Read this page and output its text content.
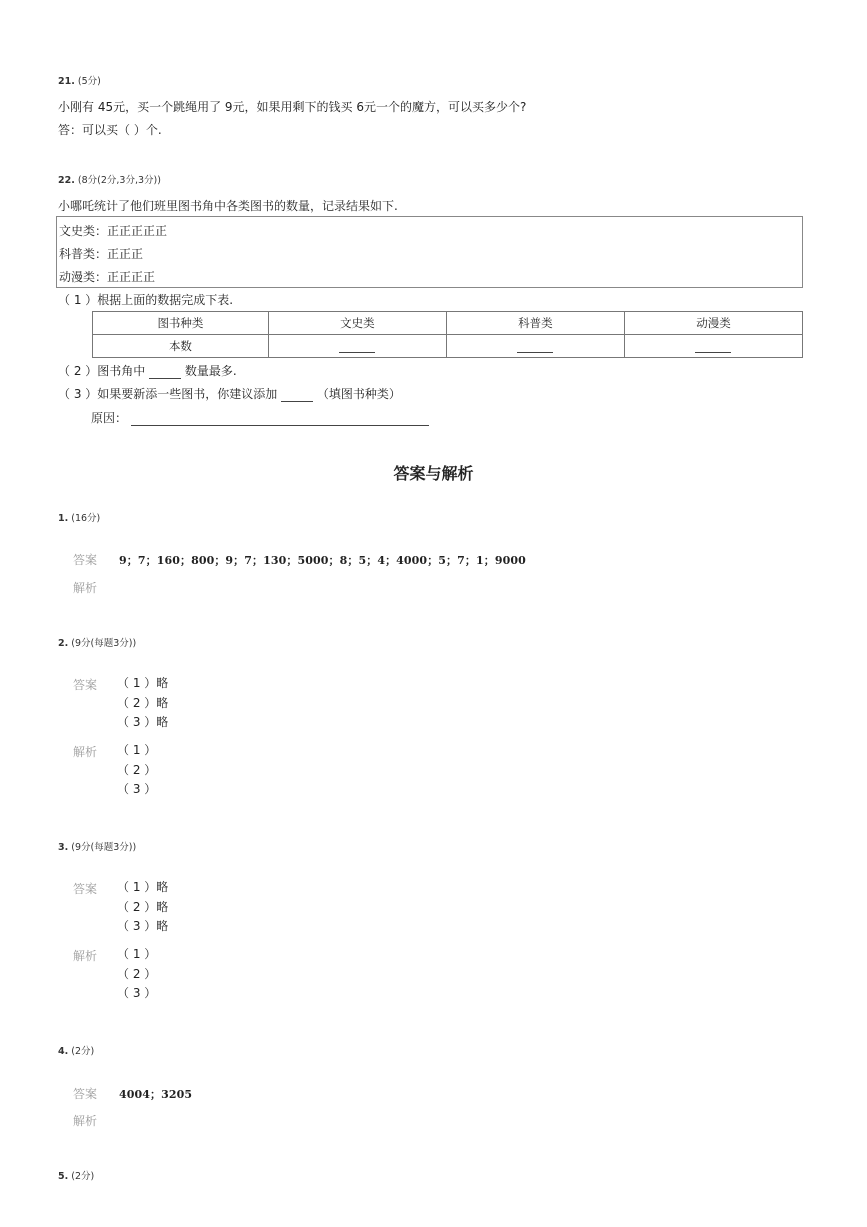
21. (5分)
小刚有 45元，买一个跳绳用了 9元，如果用剩下的钱买 6元一个的魔方，可以买多少个?
答：可以买（ ）个.
22. (8分(2分,3分,3分))
小哪吒统计了他们班里图书角中各类图书的数量，记录结果如下.
文史类：正正正正正
科普类：正正正
动漫类：正正正正
（ 1 ）根据上面的数据完成下表.
图书种类	文史类	科普类	动漫类
本数			
（ 2 ）图书角中	数量最多.
（ 3 ）如果要新添一些图书，你建议添加	（填图书种类）
原因：
答案与解析
1. (16分)
答案 9；7；160；800；9；7；130；5000；8；5；4；4000；5；7；1；9000
解析
2. (9分(每题3分))
答案 （ 1 ）略
（ 2 ）略
（ 3 ）略
解析 （ 1 ）
（ 2 ）
（ 3 ）
3. (9分(每题3分))
答案 （ 1 ）略
（ 2 ）略
（ 3 ）略
解析 （ 1 ）
（ 2 ）
（ 3 ）
4. (2分)
答案 4004；3205
解析
5. (2分)
